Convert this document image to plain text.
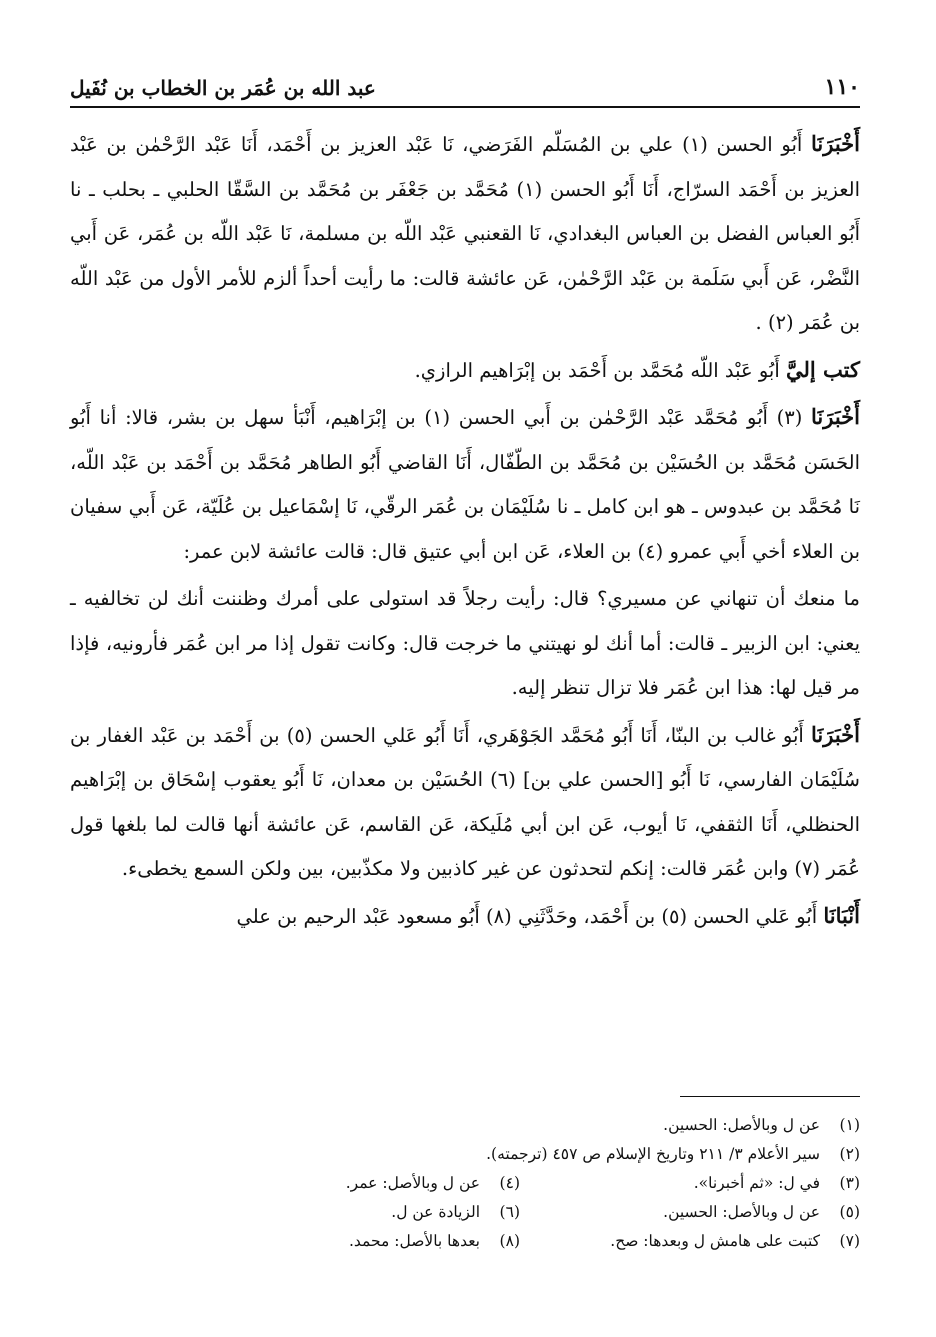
١١٠
عبد الله بن عُمَر بن الخطاب بن نُفَيل

أَخْبَرَنَا أَبُو الحسن (١) علي بن المُسَلّم الفَرَضي، نَا عَبْد العزيز بن أَحْمَد، أَنَا عَبْد الرَّحْمٰن بن عَبْد العزيز بن أَحْمَد السرّاج، أَنَا أَبُو الحسن (١) مُحَمَّد بن جَعْفَر بن مُحَمَّد بن السَّقّا الحلبي ـ بحلب ـ نا أَبُو العباس الفضل بن العباس البغدادي، نَا القعنبي عَبْد اللّه بن مسلمة، نَا عَبْد اللّه بن عُمَر، عَن أَبي النَّضْر، عَن أَبي سَلَمة بن عَبْد الرَّحْمٰن، عَن عائشة قالت: ما رأيت أحداً ألزم للأمر الأول من عَبْد اللّه بن عُمَر (٢) .

كتب إليَّ أَبُو عَبْد اللّه مُحَمَّد بن أَحْمَد بن إبْرَاهيم الرازي.

أَخْبَرَنَا (٣) أَبُو مُحَمَّد عَبْد الرَّحْمٰن بن أَبي الحسن (١) بن إبْرَاهيم، أَنْبَأ سهل بن بشر، قالا: أنا أَبُو الحَسَن مُحَمَّد بن الحُسَيْن بن مُحَمَّد بن الطّفّال، أَنَا القاضي أَبُو الطاهر مُحَمَّد بن أَحْمَد بن عَبْد اللّه، نَا مُحَمَّد بن عبدوس ـ هو ابن كامل ـ نا سُلَيْمَان بن عُمَر الرقّي، نَا إسْمَاعيل بن عُلَيّة، عَن أَبي سفيان بن العلاء أخي أَبي عمرو (٤) بن العلاء، عَن ابن أبي عتيق قال: قالت عائشة لابن عمر:

ما منعك أن تنهاني عن مسيري؟ قال: رأيت رجلاً قد استولى على أمرك وظننت أنك لن تخالفيه ـ يعني: ابن الزبير ـ قالت: أما أنك لو نهيتني ما خرجت قال: وكانت تقول إذا مر ابن عُمَر فأرونيه، فإذا مر قيل لها: هذا ابن عُمَر فلا تزال تنظر إليه.

أَخْبَرَنَا أَبُو غالب بن البنّا، أَنَا أَبُو مُحَمَّد الجَوْهَري، أَنَا أَبُو عَلي الحسن (٥) بن أَحْمَد بن عَبْد الغفار بن سُلَيْمَان الفارسي، نَا أَبُو [الحسن علي بن] (٦) الحُسَيْن بن معدان، نَا أَبُو يعقوب إسْحَاق بن إبْرَاهيم الحنظلي، أَنَا الثقفي، نَا أيوب، عَن ابن أبي مُلَيكة، عَن القاسم، عَن عائشة أنها قالت لما بلغها قول عُمَر (٧) وابن عُمَر قالت: إنكم لتحدثون عن غير كاذبين ولا مكذّبين، بين ولكن السمع يخطىء.

أَنْبَانَا أَبُو عَلي الحسن (٥) بن أَحْمَد، وحَدَّثَنِي (٨) أَبُو مسعود عَبْد الرحيم بن علي

(١)
عن ل وبالأصل: الحسين.
(٢)
سير الأعلام ٣/ ٢١١ وتاريخ الإسلام ص ٤٥٧ (ترجمته).
(٣)
في ل: «ثم أخبرنا».
(٤)
عن ل وبالأصل: عمر.
(٥)
عن ل وبالأصل: الحسين.
(٦)
الزيادة عن ل.
(٧)
كتبت على هامش ل وبعدها: صح.
(٨)
بعدها بالأصل: محمد.
